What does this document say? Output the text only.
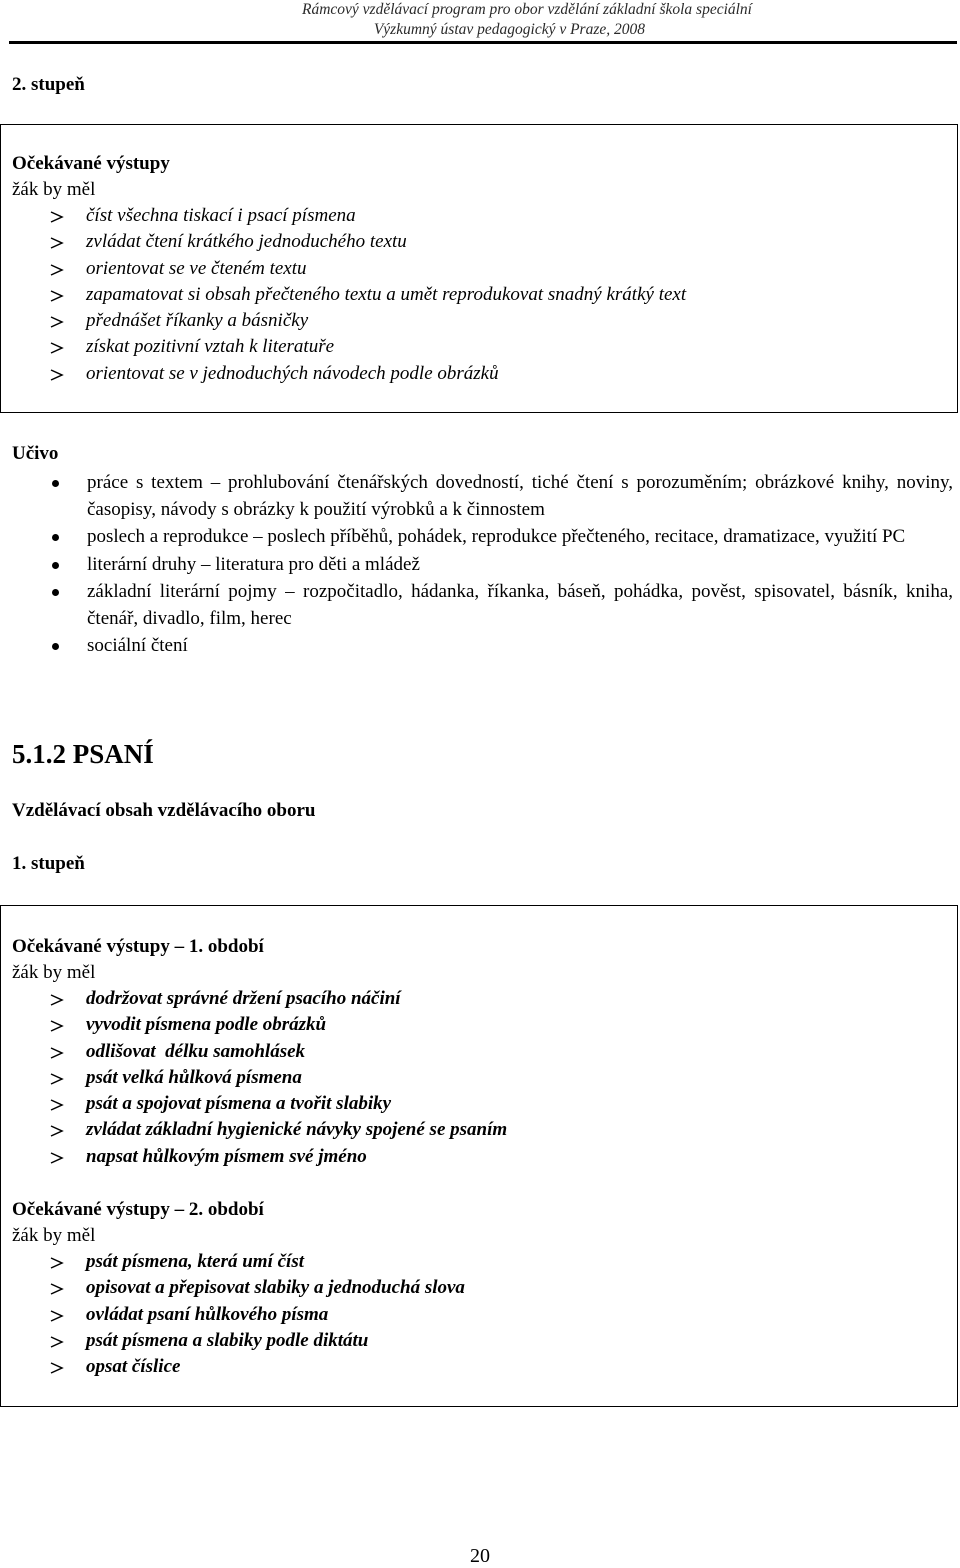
Rámcový vzdělávací program pro obor vzdělání základní škola speciální
Výzkumný ústav pedagogický v Praze, 2008
2. stupeň
Očekávané výstupy
žák by měl
číst všechna tiskací i psací písmena
zvládat čtení krátkého jednoduchého textu
orientovat se ve čteném textu
zapamatovat si obsah přečteného textu a umět reprodukovat snadný krátký text
přednášet říkanky a básničky
získat pozitivní vztah k literatuře
orientovat se v jednoduchých návodech podle obrázků
Učivo
práce s textem – prohlubování čtenářských dovedností, tiché čtení s porozuměním; obrázkové knihy, noviny, časopisy, návody s obrázky k použití výrobků a k činnostem
poslech a reprodukce – poslech příběhů, pohádek, reprodukce přečteného, recitace, dramatizace, využití PC
literární druhy – literatura pro děti a mládež
základní literární pojmy – rozpočitadlo, hádanka, říkanka, báseň, pohádka, pověst, spisovatel, básník, kniha, čtenář, divadlo, film, herec
sociální čtení
5.1.2 PSANÍ
Vzdělávací obsah vzdělávacího oboru
1. stupeň
Očekávané výstupy – 1. období
žák by měl
dodržovat správné držení psacího náčiní
vyvodit písmena podle obrázků
odlišovat  délku samohlásek
psát velká hůlková písmena
psát a spojovat písmena a tvořit slabiky
zvládat základní hygienické návyky spojené se psaním
napsat hůlkovým písmem své jméno
Očekávané výstupy – 2. období
žák by měl
psát písmena, která umí číst
opisovat a přepisovat slabiky a jednoduchá slova
ovládat psaní hůlkového písma
psát písmena a slabiky podle diktátu
opsat číslice
20
